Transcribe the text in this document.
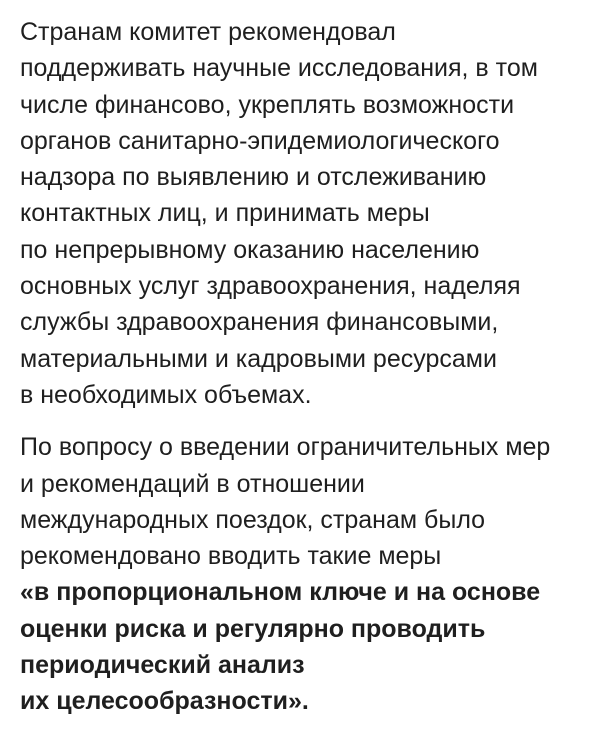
Странам комитет рекомендовал
поддерживать научные исследования, в том
числе финансово, укреплять возможности
органов санитарно-эпидемиологического
надзора по выявлению и отслеживанию
контактных лиц, и принимать меры
по непрерывному оказанию населению
основных услуг здравоохранения, наделяя
службы здравоохранения финансовыми,
материальными и кадровыми ресурсами
в необходимых объемах.

По вопросу о введении ограничительных мер
и рекомендаций в отношении
международных поездок, странам было
рекомендовано вводить такие меры
«в пропорциональном ключе и на основе
оценки риска и регулярно проводить
периодический анализ
их целесообразности».
